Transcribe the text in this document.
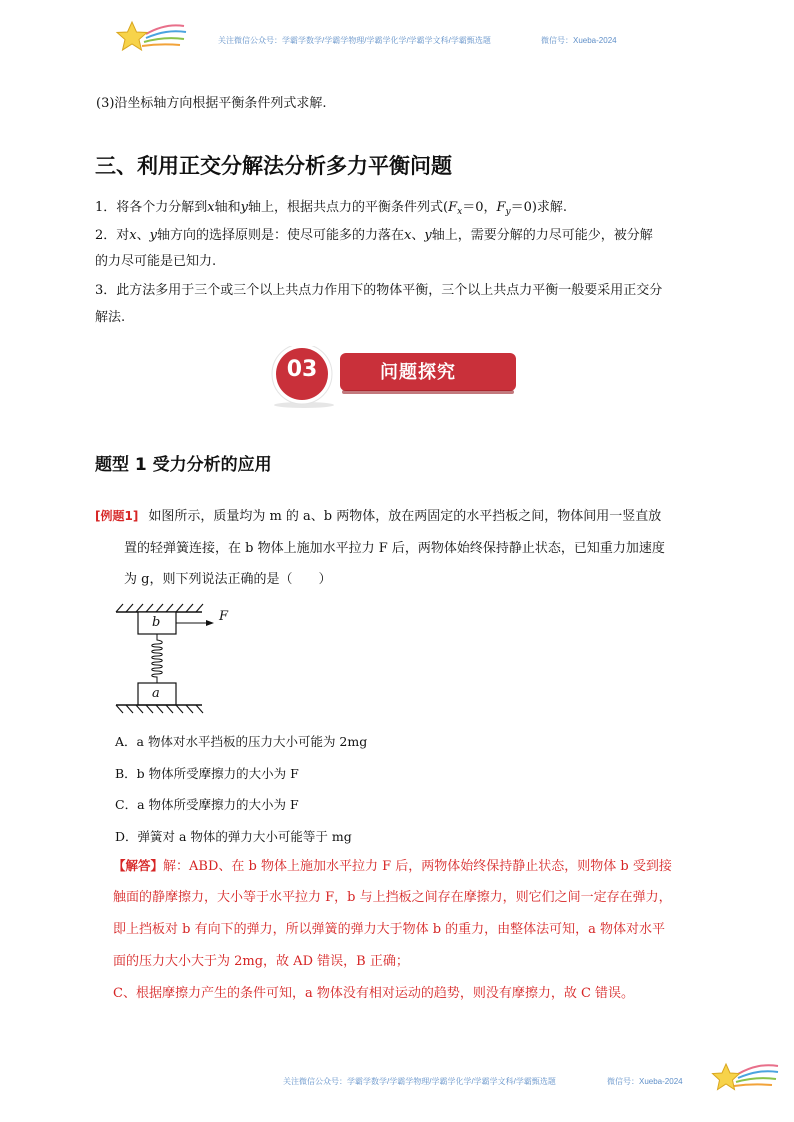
关注微信公众号：学霸学数学/学霸学物理/学霸学化学/学霸学文科/学霸甄选题	微信号：Xueba-2024
(3)沿坐标轴方向根据平衡条件列式求解.
三、利用正交分解法分析多力平衡问题
1．将各个力分解到x轴和y轴上，根据共点力的平衡条件列式($F_x=0$，$F_y=0$)求解.
2．对x、y轴方向的选择原则是：使尽可能多的力落在x、y轴上，需要分解的力尽可能少，被分解
的力尽可能是已知力.
3．此方法多用于三个或三个以上共点力作用下的物体平衡，三个以上共点力平衡一般要采用正交分
解法.
03	问题探究
题型 1 受力分析的应用
[例题1] 如图所示，质量均为 m 的 a、b 两物体，放在两固定的水平挡板之间，物体间用一竖直放
置的轻弹簧连接，在 b 物体上施加水平拉力 F 后，两物体始终保持静止状态，已知重力加速度
为 g，则下列说法正确的是（　　）
b
a
F
A．a 物体对水平挡板的压力大小可能为 2mg
B．b 物体所受摩擦力的大小为 F
C．a 物体所受摩擦力的大小为 F
D．弹簧对 a 物体的弹力大小可能等于 mg
【解答】解：ABD、在 b 物体上施加水平拉力 F 后，两物体始终保持静止状态，则物体 b 受到接
触面的静摩擦力，大小等于水平拉力 F，b 与上挡板之间存在摩擦力，则它们之间一定存在弹力，
即上挡板对 b 有向下的弹力，所以弹簧的弹力大于物体 b 的重力，由整体法可知，a 物体对水平
面的压力大小大于为 2mg，故 AD 错误，B 正确；
C、根据摩擦力产生的条件可知，a 物体没有相对运动的趋势，则没有摩擦力，故 C 错误。
关注微信公众号：学霸学数学/学霸学物理/学霸学化学/学霸学文科/学霸甄选题	微信号：Xueba-2024
